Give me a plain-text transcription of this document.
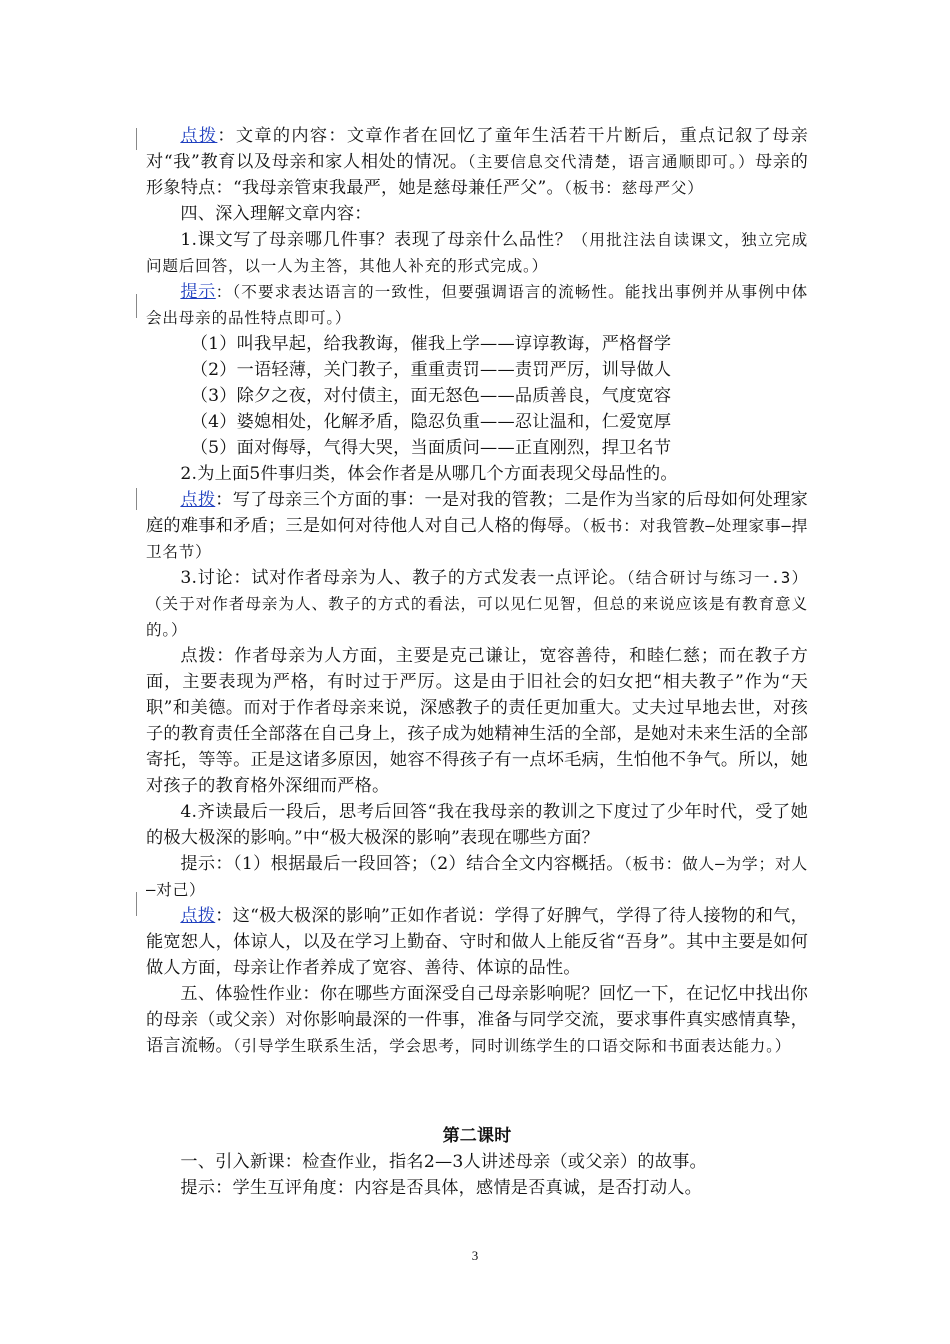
点拨：文章的内容：文章作者在回忆了童年生活若干片断后，重点记叙了母亲对“我”教育以及母亲和家人相处的情况。（主要信息交代清楚，语言通顺即可。）母亲的形象特点：“我母亲管束我最严，她是慈母兼任严父”。（板书：慈母严父）

四、深入理解文章内容：

1.课文写了母亲哪几件事？表现了母亲什么品性？（用批注法自读课文，独立完成问题后回答，以一人为主答，其他人补充的形式完成。）

提示：（不要求表达语言的一致性，但要强调语言的流畅性。能找出事例并从事例中体会出母亲的品性特点即可。）

（1）叫我早起，给我教诲，催我上学——谆谆教诲，严格督学

（2）一语轻薄，关门教子，重重责罚——责罚严厉，训导做人

（3）除夕之夜，对付债主，面无怒色——品质善良，气度宽容

（4）婆媳相处，化解矛盾，隐忍负重——忍让温和，仁爱宽厚

（5）面对侮辱，气得大哭，当面质问——正直刚烈，捍卫名节

2.为上面5件事归类，体会作者是从哪几个方面表现父母品性的。

点拨：写了母亲三个方面的事：一是对我的管教；二是作为当家的后母如何处理家庭的难事和矛盾；三是如何对待他人对自己人格的侮辱。（板书：对我管教—处理家事—捍卫名节）

3.讨论：试对作者母亲为人、教子的方式发表一点评论。（结合研讨与练习一.3）（关于对作者母亲为人、教子的方式的看法，可以见仁见智，但总的来说应该是有教育意义的。）

点拨：作者母亲为人方面，主要是克己谦让，宽容善待，和睦仁慈；而在教子方面，主要表现为严格，有时过于严厉。这是由于旧社会的妇女把“相夫教子”作为“天职”和美德。而对于作者母亲来说，深感教子的责任更加重大。丈夫过早地去世，对孩子的教育责任全部落在自己身上，孩子成为她精神生活的全部，是她对未来生活的全部寄托，等等。正是这诸多原因，她容不得孩子有一点坏毛病，生怕他不争气。所以，她对孩子的教育格外深细而严格。

4.齐读最后一段后，思考后回答“我在我母亲的教训之下度过了少年时代，受了她的极大极深的影响。”中“极大极深的影响”表现在哪些方面？

提示：（1）根据最后一段回答；（2）结合全文内容概括。（板书：做人—为学；对人—对己）

点拨：这“极大极深的影响”正如作者说：学得了好脾气，学得了待人接物的和气，能宽恕人，体谅人，以及在学习上勤奋、守时和做人上能反省“吾身”。其中主要是如何做人方面，母亲让作者养成了宽容、善待、体谅的品性。

五、体验性作业：你在哪些方面深受自己母亲影响呢？回忆一下，在记忆中找出你的母亲（或父亲）对你影响最深的一件事，准备与同学交流，要求事件真实感情真挚，语言流畅。（引导学生联系生活，学会思考，同时训练学生的口语交际和书面表达能力。）

第二课时

一、引入新课：检查作业，指名2—3人讲述母亲（或父亲）的故事。

提示：学生互评角度：内容是否具体，感情是否真诚，是否打动人。

3
